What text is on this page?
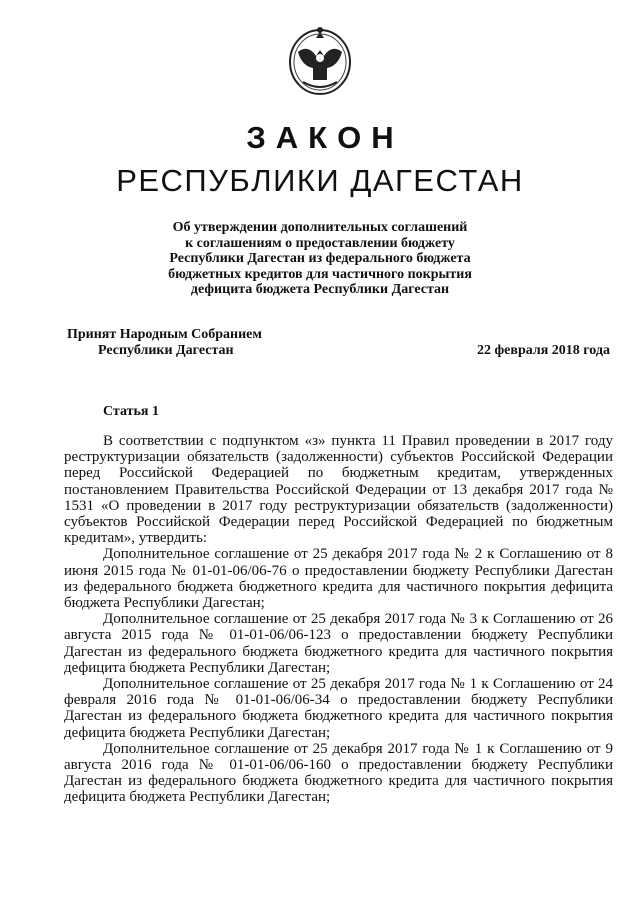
ЗАКОН
РЕСПУБЛИКИ ДАГЕСТАН
Об утверждении дополнительных соглашений
к соглашениям о предоставлении бюджету
Республики Дагестан из федерального бюджета
бюджетных кредитов для частичного покрытия
дефицита бюджета Республики Дагестан
Принят Народным Собранием
Республики Дагестан	22 февраля 2018 года
Статья 1

В соответствии с подпунктом «з» пункта 11 Правил проведении в 2017 году реструктуризации обязательств (задолженности) субъектов Российской Федерации перед Российской Федерацией по бюджетным кредитам, утвержденных постановлением Правительства Российской Федерации от 13 декабря 2017 года № 1531 «О проведении в 2017 году реструктуризации обязательств (задолженности) субъектов Российской Федерации перед Российской Федерацией по бюджетным кредитам», утвердить:

Дополнительное соглашение от 25 декабря 2017 года № 2 к Соглашению от 8 июня 2015 года № 01-01-06/06-76 о предоставлении бюджету Республики Дагестан из федерального бюджета бюджетного кредита для частичного покрытия дефицита бюджета Республики Дагестан;

Дополнительное соглашение от 25 декабря 2017 года № 3 к Соглашению от 26 августа 2015 года № 01-01-06/06-123 о предоставлении бюджету Республики Дагестан из федерального бюджета бюджетного кредита для частичного покрытия дефицита бюджета Республики Дагестан;

Дополнительное соглашение от 25 декабря 2017 года № 1 к Соглашению от 24 февраля 2016 года № 01-01-06/06-34 о предоставлении бюджету Республики Дагестан из федерального бюджета бюджетного кредита для частичного покрытия дефицита бюджета Республики Дагестан;

Дополнительное соглашение от 25 декабря 2017 года № 1 к Соглашению от 9 августа 2016 года № 01-01-06/06-160 о предоставлении бюджету Республики Дагестан из федерального бюджета бюджетного кредита для частичного покрытия дефицита бюджета Республики Дагестан;
